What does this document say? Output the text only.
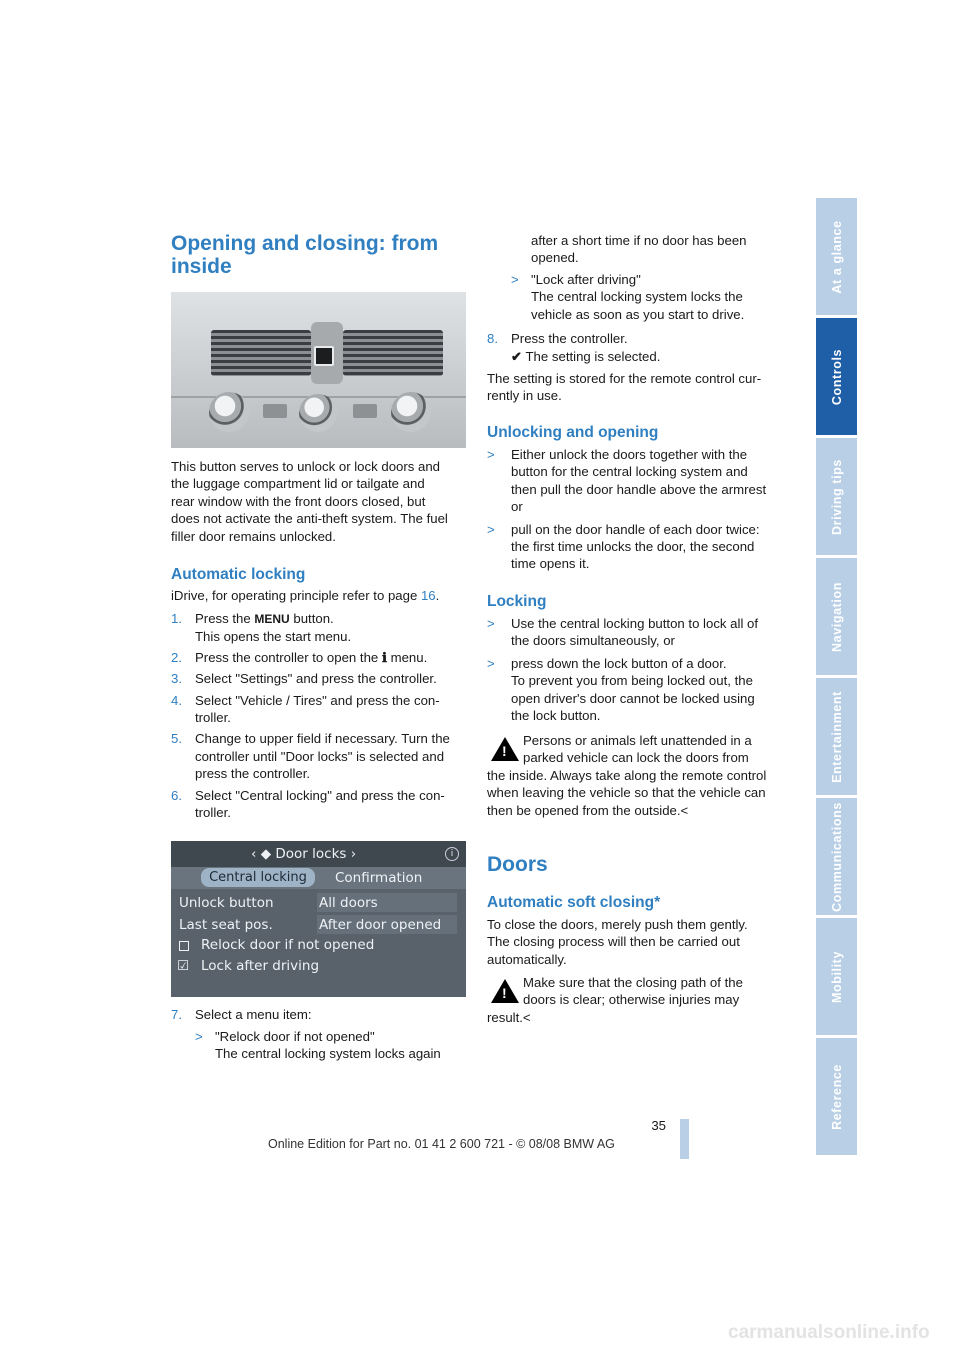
At a glance
Controls
Driving tips
Navigation
Entertainment
Communications
Mobility
Reference
Opening and closing: from
inside
This button serves to unlock or lock doors and
the luggage compartment lid or tailgate and
rear window with the front doors closed, but
does not activate the anti-theft system. The fuel
filler door remains unlocked.
Automatic locking
iDrive, for operating principle refer to page 16.
1. Press the MENU button.
This opens the start menu.
2. Press the controller to open the ℹ menu.
3. Select "Settings" and press the controller.
4. Select "Vehicle / Tires" and press the con-
troller.
5. Change to upper field if necessary. Turn the
controller until "Door locks" is selected and
press the controller.
6. Select "Central locking" and press the con-
troller.
‹ ◆ Door locks ›	i
Central locking	Confirmation
Unlock button	All doors
Last seat pos.	After door opened
Relock door if not opened
☑ Lock after driving
7. Select a menu item:
> "Relock door if not opened"
The central locking system locks again
after a short time if no door has been
opened.
> "Lock after driving"
The central locking system locks the
vehicle as soon as you start to drive.
8. Press the controller.
✔ The setting is selected.
The setting is stored for the remote control cur-
rently in use.
Unlocking and opening
> Either unlock the doors together with the
button for the central locking system and
then pull the door handle above the armrest
or
> pull on the door handle of each door twice:
the first time unlocks the door, the second
time opens it.
Locking
> Use the central locking button to lock all of
the doors simultaneously, or
> press down the lock button of a door.
To prevent you from being locked out, the
open driver's door cannot be locked using
the lock button.
!
Persons or animals left unattended in a
parked vehicle can lock the doors from
the inside. Always take along the remote control
when leaving the vehicle so that the vehicle can
then be opened from the outside.<
Doors
Automatic soft closing*
To close the doors, merely push them gently.
The closing process will then be carried out
automatically.
!
Make sure that the closing path of the
doors is clear; otherwise injuries may
result.<
35
Online Edition for Part no. 01 41 2 600 721 - © 08/08 BMW AG
carmanualsonline.info
